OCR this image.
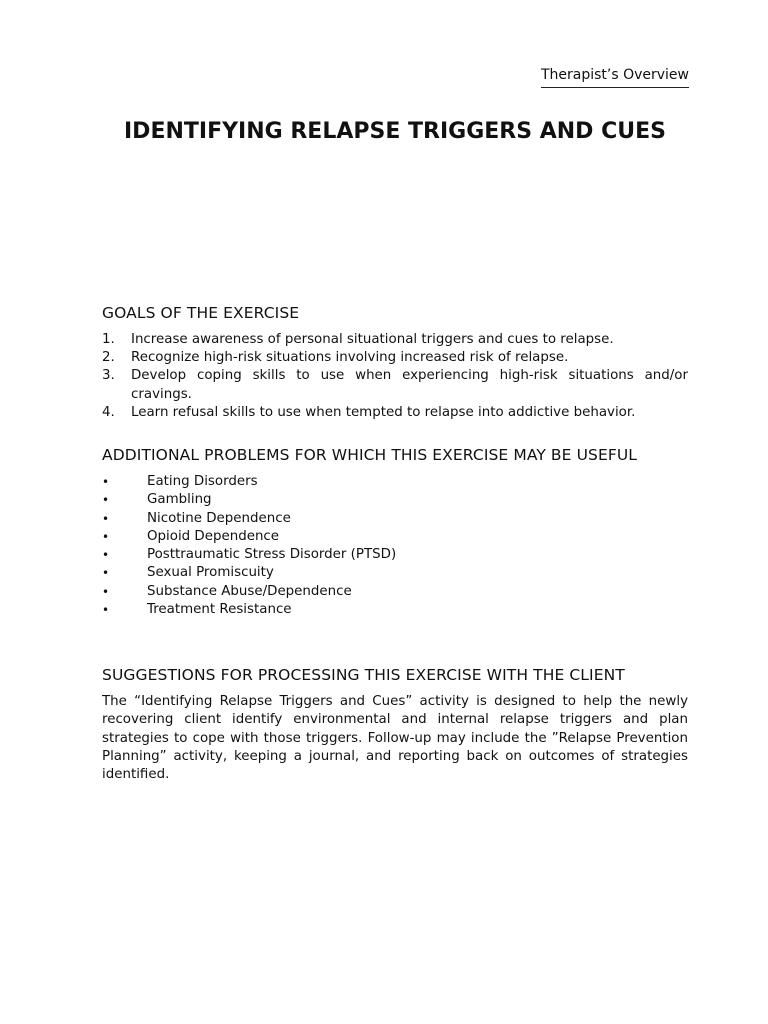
Therapist’s Overview
IDENTIFYING RELAPSE TRIGGERS AND CUES
GOALS OF THE EXERCISE
1.	Increase awareness of personal situational triggers and cues to relapse.
2.	Recognize high-risk situations involving increased risk of relapse.
3.	Develop coping skills to use when experiencing high-risk situations and/or cravings.
4.	Learn refusal skills to use when tempted to relapse into addictive behavior.
ADDITIONAL PROBLEMS FOR WHICH THIS EXERCISE MAY BE USEFUL
•	Eating Disorders
•	Gambling
•	Nicotine Dependence
•	Opioid Dependence
•	Posttraumatic Stress Disorder (PTSD)
•	Sexual Promiscuity
•	Substance Abuse/Dependence
•	Treatment Resistance
SUGGESTIONS FOR PROCESSING THIS EXERCISE WITH THE CLIENT

The “Identifying Relapse Triggers and Cues” activity is designed to help the newly recovering client identify environmental and internal relapse triggers and plan strategies to cope with those triggers. Follow-up may include the ”Relapse Prevention Planning” activity, keeping a journal, and reporting back on outcomes of strategies identified.
